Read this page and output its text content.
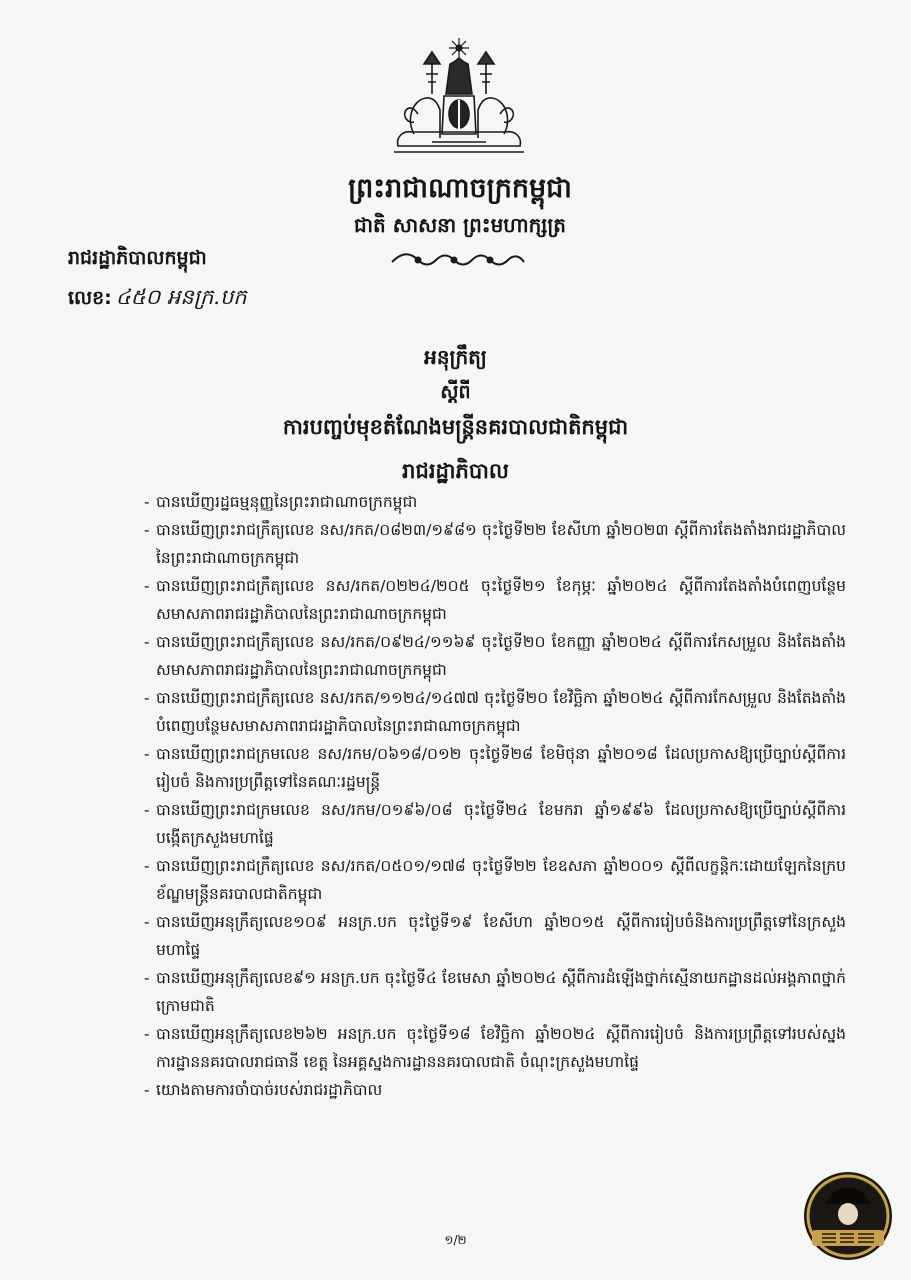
ព្រះរាជាណាចក្រកម្ពុជា
ជាតិ សាសនា ព្រះមហាក្សត្រ
រាជរដ្ឋាភិបាលកម្ពុជា
លេខ: ៤៥០ អនក្រ.បក
អនុក្រឹត្យ
ស្តីពី
ការបញ្ចប់មុខតំណែងមន្ត្រីនគរបាលជាតិកម្ពុជា
រាជរដ្ឋាភិបាល
- បានឃើញរដ្ឋធម្មនុញ្ញនៃព្រះរាជាណាចក្រកម្ពុជា
- បានឃើញព្រះរាជក្រឹត្យលេខ នស/រកត/០៨២៣/១៩៨១ ចុះថ្ងៃទី២២ ខែសីហា ឆ្នាំ២០២៣ ស្តីពីការតែងតាំងរាជរដ្ឋាភិបាលនៃព្រះរាជាណាចក្រកម្ពុជា
- បានឃើញព្រះរាជក្រឹត្យលេខ នស/រកត/០២២៤/២០៥ ចុះថ្ងៃទី២១ ខែកុម្ភៈ ឆ្នាំ២០២៤ ស្តីពីការតែងតាំងបំពេញបន្ថែមសមាសភាពរាជរដ្ឋាភិបាលនៃព្រះរាជាណាចក្រកម្ពុជា
- បានឃើញព្រះរាជក្រឹត្យលេខ នស/រកត/០៩២៤/១១៦៩ ចុះថ្ងៃទី២០ ខែកញ្ញា ឆ្នាំ២០២៤ ស្តីពីការកែសម្រួល និងតែងតាំងសមាសភាពរាជរដ្ឋាភិបាលនៃព្រះរាជាណាចក្រកម្ពុជា
- បានឃើញព្រះរាជក្រឹត្យលេខ នស/រកត/១១២៤/១៤៧៧ ចុះថ្ងៃទី២០ ខែវិច្ឆិកា ឆ្នាំ២០២៤ ស្តីពីការកែសម្រួល និងតែងតាំងបំពេញបន្ថែមសមាសភាពរាជរដ្ឋាភិបាលនៃព្រះរាជាណាចក្រកម្ពុជា
- បានឃើញព្រះរាជក្រមលេខ នស/រកម/០៦១៨/០១២ ចុះថ្ងៃទី២៨ ខែមិថុនា ឆ្នាំ២០១៨ ដែលប្រកាសឱ្យប្រើច្បាប់ស្តីពីការរៀបចំ និងការប្រព្រឹត្តទៅនៃគណៈរដ្ឋមន្ត្រី
- បានឃើញព្រះរាជក្រមលេខ នស/រកម/០១៩៦/០៨ ចុះថ្ងៃទី២៤ ខែមករា ឆ្នាំ១៩៩៦ ដែលប្រកាសឱ្យប្រើច្បាប់ស្តីពីការបង្កើតក្រសួងមហាផ្ទៃ
- បានឃើញព្រះរាជក្រឹត្យលេខ នស/រកត/០៥០១/១៧៨ ចុះថ្ងៃទី២២ ខែឧសភា ឆ្នាំ២០០១ ស្តីពីលក្ខន្តិកៈដោយឡែកនៃក្របខ័ណ្ឌមន្ត្រីនគរបាលជាតិកម្ពុជា
- បានឃើញអនុក្រឹត្យលេខ១០៩ អនក្រ.បក ចុះថ្ងៃទី១៩ ខែសីហា ឆ្នាំ២០១៥ ស្តីពីការរៀបចំនិងការប្រព្រឹត្តទៅនៃក្រសួងមហាផ្ទៃ
- បានឃើញអនុក្រឹត្យលេខ៩១ អនក្រ.បក ចុះថ្ងៃទី៤ ខែមេសា ឆ្នាំ២០២៤ ស្តីពីការដំឡើងថ្នាក់ស្មើនាយកដ្ឋានដល់អង្គភាពថ្នាក់ក្រោមជាតិ
- បានឃើញអនុក្រឹត្យលេខ២៦២ អនក្រ.បក ចុះថ្ងៃទី១៨ ខែវិច្ឆិកា ឆ្នាំ២០២៤ ស្តីពីការរៀបចំ និងការប្រព្រឹត្តទៅរបស់ស្នងការដ្ឋាននគរបាលរាជធានី ខេត្ត នៃអគ្គស្នងការដ្ឋាននគរបាលជាតិ ចំណុះក្រសួងមហាផ្ទៃ
- យោងតាមការចាំបាច់របស់រាជរដ្ឋាភិបាល
១/២
